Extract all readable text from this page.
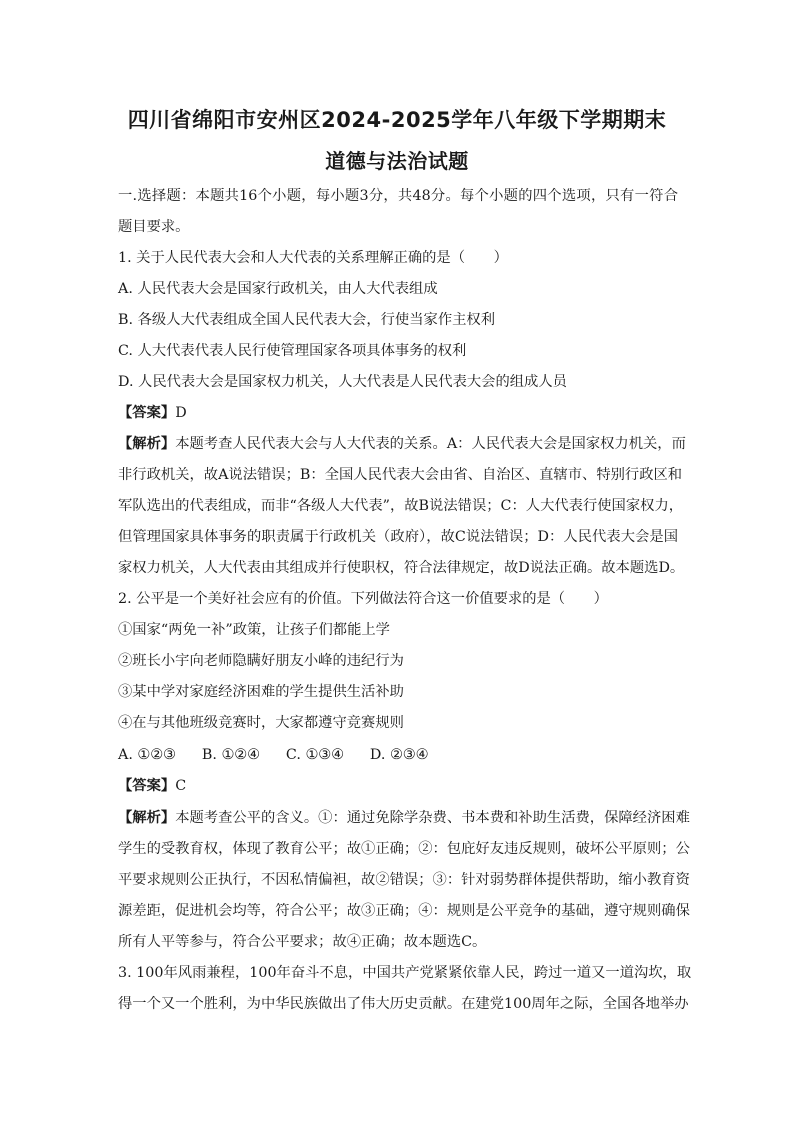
四川省绵阳市安州区2024-2025学年八年级下学期期末
道德与法治试题
一.选择题：本题共16个小题，每小题3分，共48分。每个小题的四个选项，只有一符合
题目要求。
1. 关于人民代表大会和人大代表的关系理解正确的是（　　）
A. 人民代表大会是国家行政机关，由人大代表组成
B. 各级人大代表组成全国人民代表大会，行使当家作主权利
C. 人大代表代表人民行使管理国家各项具体事务的权利
D. 人民代表大会是国家权力机关，人大代表是人民代表大会的组成人员
【答案】D
【解析】本题考查人民代表大会与人大代表的关系。A：人民代表大会是国家权力机关，而
非行政机关，故A说法错误；B：全国人民代表大会由省、自治区、直辖市、特别行政区和
军队选出的代表组成，而非“各级人大代表”，故B说法错误；C：人大代表行使国家权力，
但管理国家具体事务的职责属于行政机关（政府），故C说法错误；D：人民代表大会是国
家权力机关，人大代表由其组成并行使职权，符合法律规定，故D说法正确。故本题选D。
2. 公平是一个美好社会应有的价值。下列做法符合这一价值要求的是（　　）
①国家“两免一补”政策，让孩子们都能上学
②班长小宇向老师隐瞒好朋友小峰的违纪行为
③某中学对家庭经济困难的学生提供生活补助
④在与其他班级竞赛时，大家都遵守竞赛规则
A. ①②③ B. ①②④ C. ①③④ D. ②③④
【答案】C
【解析】本题考查公平的含义。①：通过免除学杂费、书本费和补助生活费，保障经济困难
学生的受教育权，体现了教育公平；故①正确；②：包庇好友违反规则，破坏公平原则；公
平要求规则公正执行，不因私情偏袒，故②错误；③：针对弱势群体提供帮助，缩小教育资
源差距，促进机会均等，符合公平；故③正确；④：规则是公平竞争的基础，遵守规则确保
所有人平等参与，符合公平要求；故④正确；故本题选C。
3. 100年风雨兼程，100年奋斗不息，中国共产党紧紧依靠人民，跨过一道又一道沟坎，取
得一个又一个胜利，为中华民族做出了伟大历史贡献。在建党100周年之际，全国各地举办
